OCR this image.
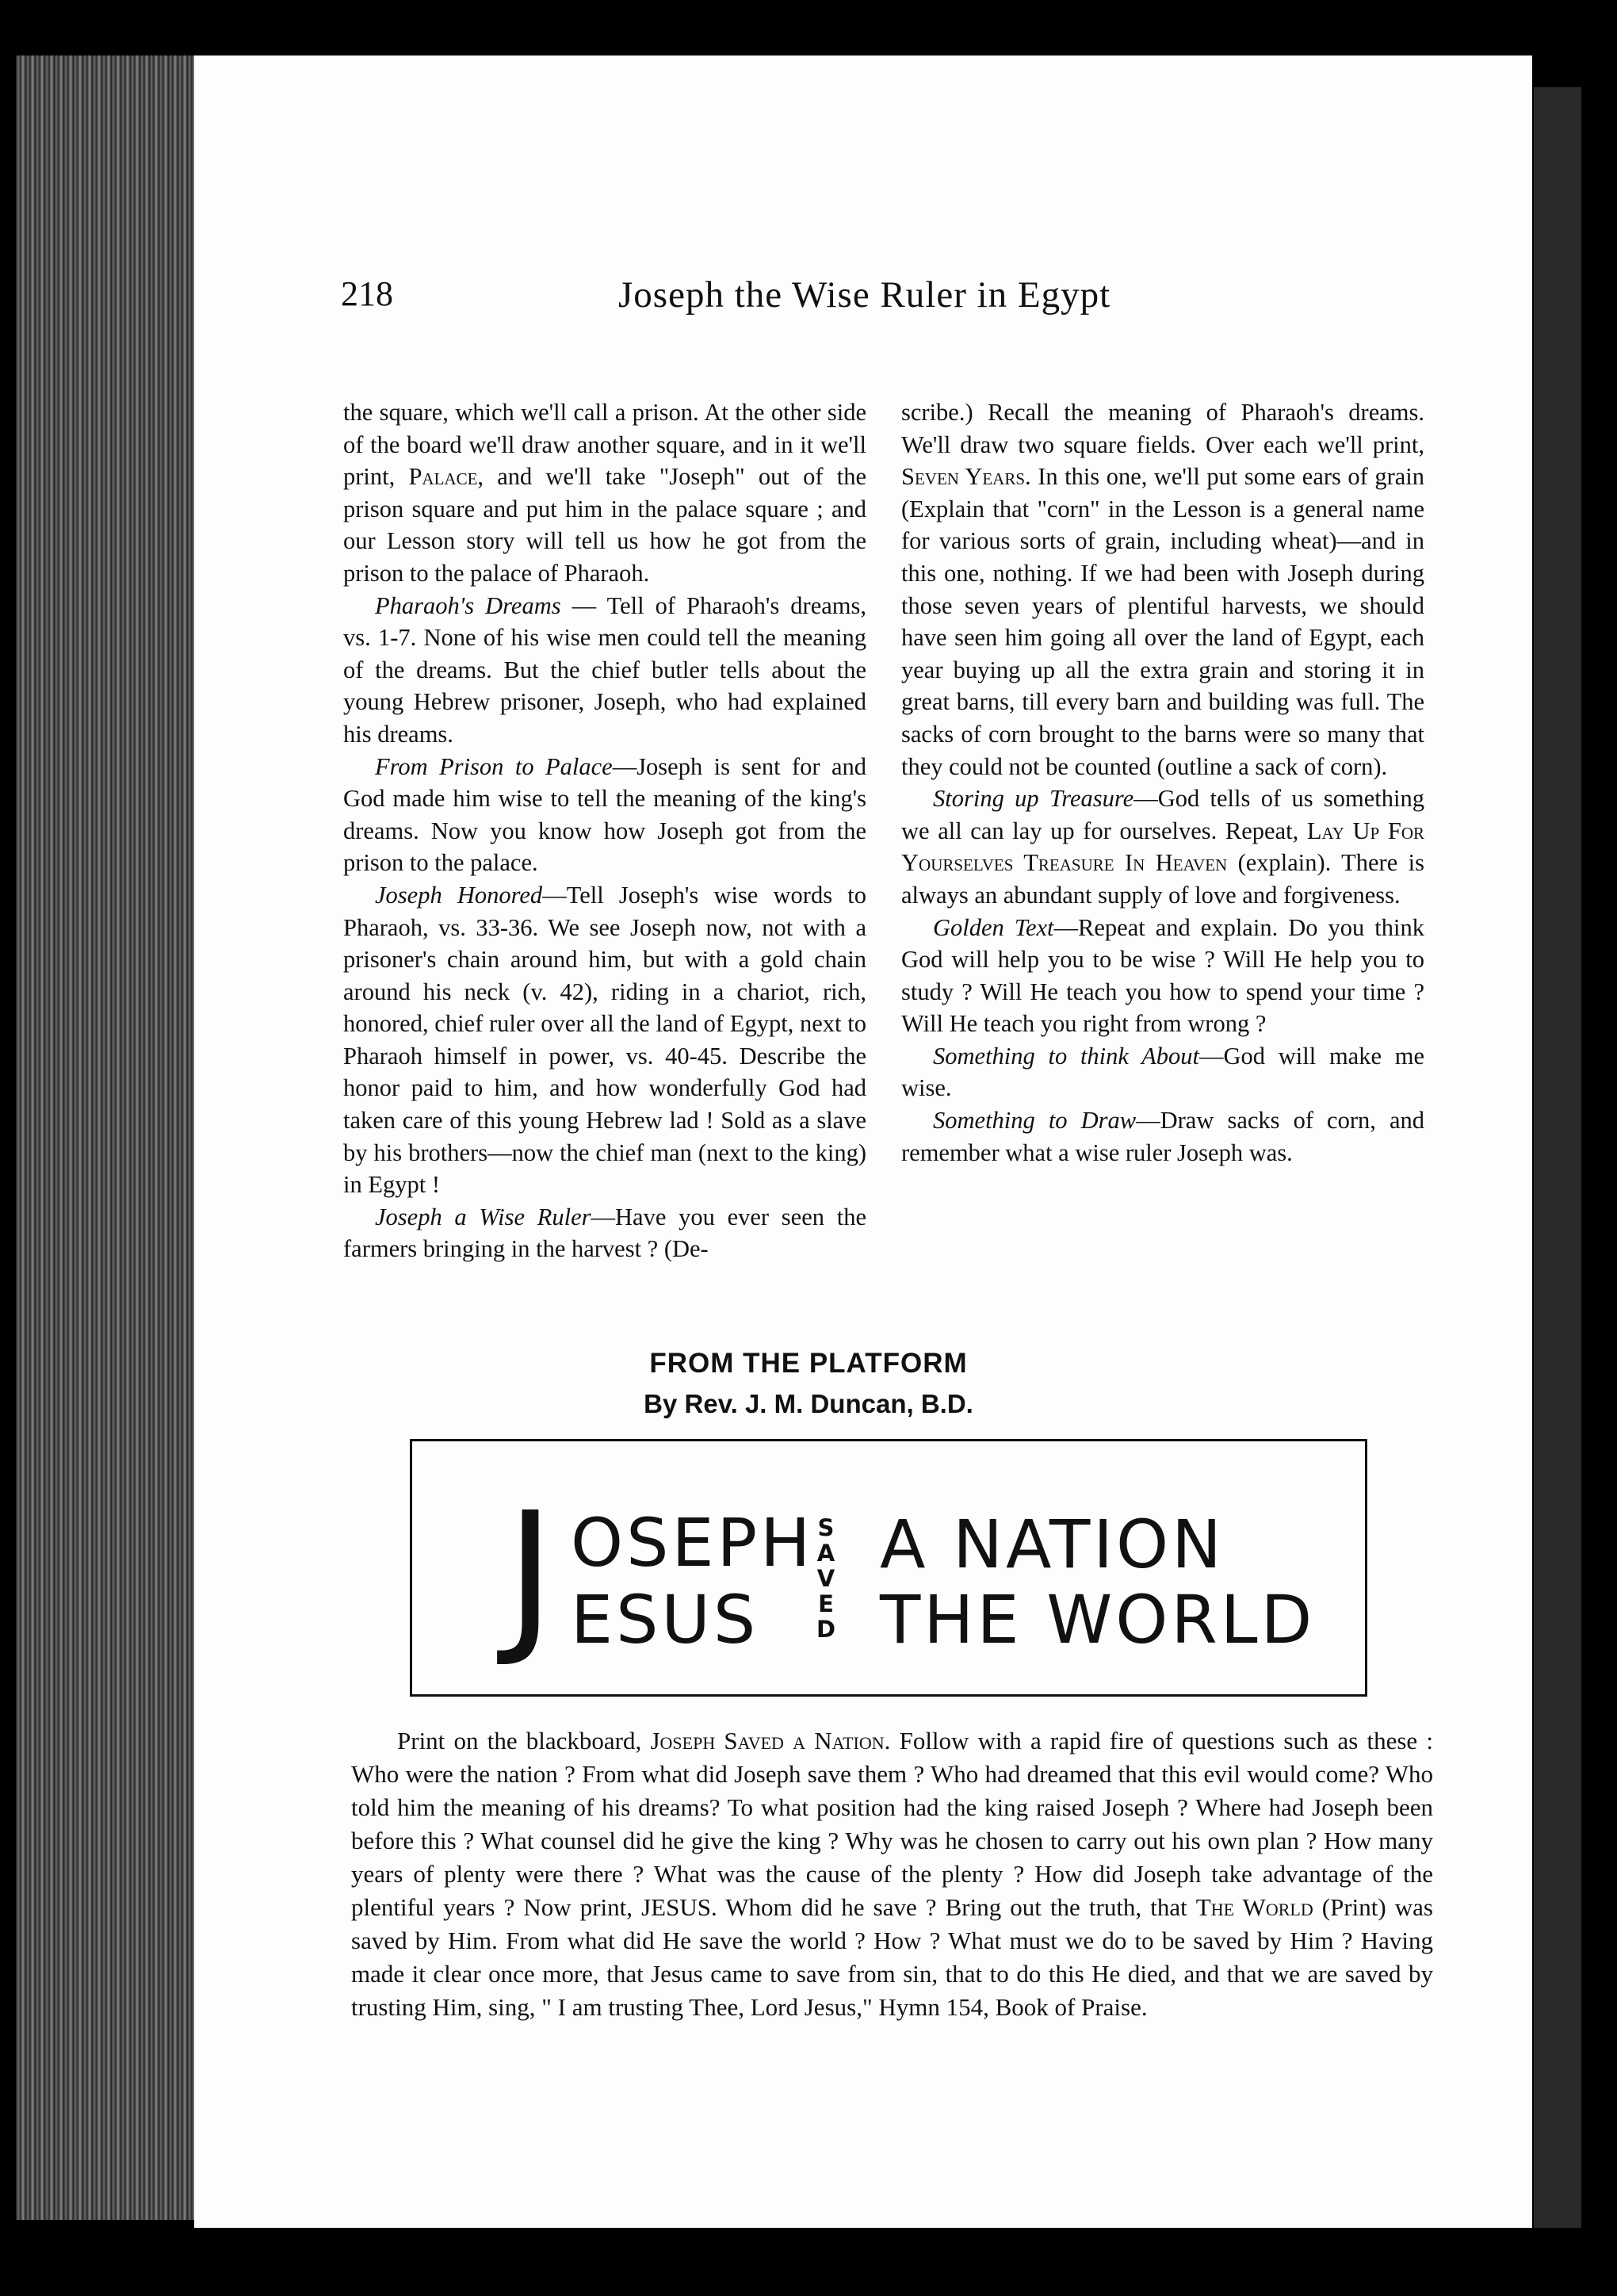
218	Joseph the Wise Ruler in Egypt

the square, which we'll call a prison. At the other side of the board we'll draw another square, and in it we'll print, Palace, and we'll take "Joseph" out of the prison square and put him in the palace square ; and our Lesson story will tell us how he got from the prison to the palace of Pharaoh.

Pharaoh's Dreams — Tell of Pharaoh's dreams, vs. 1-7. None of his wise men could tell the meaning of the dreams. But the chief butler tells about the young Hebrew prisoner, Joseph, who had explained his dreams.

From Prison to Palace—Joseph is sent for and God made him wise to tell the meaning of the king's dreams. Now you know how Joseph got from the prison to the palace.

Joseph Honored—Tell Joseph's wise words to Pharaoh, vs. 33-36. We see Joseph now, not with a prisoner's chain around him, but with a gold chain around his neck (v. 42), riding in a chariot, rich, honored, chief ruler over all the land of Egypt, next to Pharaoh himself in power, vs. 40-45. Describe the honor paid to him, and how wonderfully God had taken care of this young Hebrew lad ! Sold as a slave by his brothers—now the chief man (next to the king) in Egypt !

Joseph a Wise Ruler—Have you ever seen the farmers bringing in the harvest ? (De-

scribe.) Recall the meaning of Pharaoh's dreams. We'll draw two square fields. Over each we'll print, Seven Years. In this one, we'll put some ears of grain (Explain that "corn" in the Lesson is a general name for various sorts of grain, including wheat)—and in this one, nothing. If we had been with Joseph during those seven years of plentiful harvests, we should have seen him going all over the land of Egypt, each year buying up all the extra grain and storing it in great barns, till every barn and building was full. The sacks of corn brought to the barns were so many that they could not be counted (outline a sack of corn).

Storing up Treasure—God tells of us something we all can lay up for ourselves. Repeat, Lay Up For Yourselves Treasure In Heaven (explain). There is always an abundant supply of love and forgiveness.

Golden Text—Repeat and explain. Do you think God will help you to be wise ? Will He help you to study ? Will He teach you how to spend your time ? Will He teach you right from wrong ?

Something to think About—God will make me wise.

Something to Draw—Draw sacks of corn, and remember what a wise ruler Joseph was.

FROM THE PLATFORM
By Rev. J. M. Duncan, B.D.
J OSEPH
ESUS
S
A
V
E
D
A NATION
THE WORLD

Print on the blackboard, Joseph Saved a Nation. Follow with a rapid fire of questions such as these : Who were the nation ? From what did Joseph save them ? Who had dreamed that this evil would come? Who told him the meaning of his dreams? To what position had the king raised Joseph ? Where had Joseph been before this ? What counsel did he give the king ? Why was he chosen to carry out his own plan ? How many years of plenty were there ? What was the cause of the plenty ? How did Joseph take advantage of the plentiful years ? Now print, JESUS. Whom did he save ? Bring out the truth, that The World (Print) was saved by Him. From what did He save the world ? How ? What must we do to be saved by Him ? Having made it clear once more, that Jesus came to save from sin, that to do this He died, and that we are saved by trusting Him, sing, " I am trusting Thee, Lord Jesus," Hymn 154, Book of Praise.
